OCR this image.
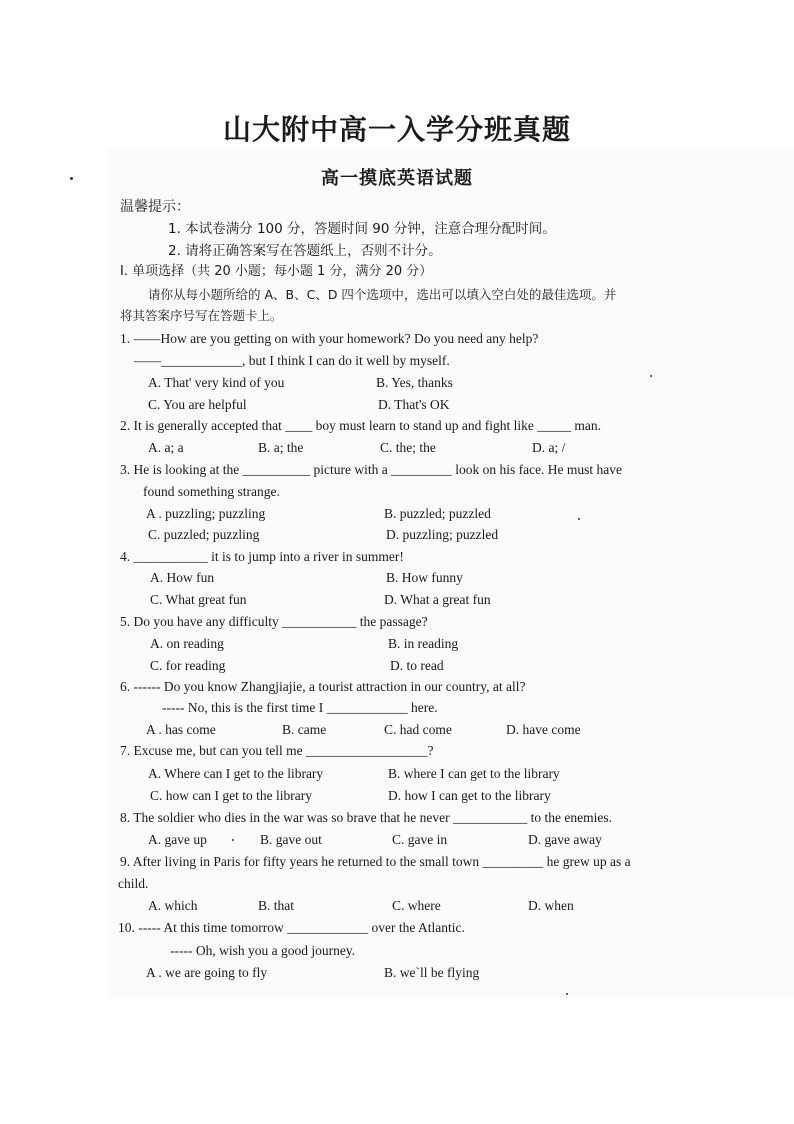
山大附中高一入学分班真题
高一摸底英语试题
温馨提示：
1. 本试卷满分 100 分，答题时间 90 分钟，注意合理分配时间。
2. 请将正确答案写在答题纸上，否则不计分。
I. 单项选择（共 20 小题；每小题 1 分，满分 20 分）
请你从每小题所给的 A、B、C、D 四个选项中，选出可以填入空白处的最佳选项。并
将其答案序号写在答题卡上。
1. ——How are you getting on with your homework? Do you need any help?
——____________, but I think I can do it well by myself.
A. That' very kind of you	B. Yes, thanks
C. You are helpful	D. That's OK
2. It is generally accepted that ____ boy must learn to stand up and fight like _____ man.
A. a; a	B. a; the	C. the; the	D. a; /
3. He is looking at the __________ picture with a _________ look on his face. He must have
found something strange.
A . puzzling; puzzling	B. puzzled; puzzled
C. puzzled; puzzling	D. puzzling; puzzled
4. ___________ it is to jump into a river in summer!
A. How fun	B. How funny
C. What great fun	D. What a great fun
5. Do you have any difficulty ___________ the passage?
A. on reading	B. in reading
C. for reading	D. to read
6. ------ Do you know Zhangjiajie, a tourist attraction in our country, at all?
----- No, this is the first time I ____________ here.
A . has come	B. came	C. had come	D. have come
7. Excuse me, but can you tell me __________________?
A. Where can I get to the library	B. where I can get to the library
C. how can I get to the library	D. how I can get to the library
8. The soldier who dies in the war was so brave that he never ___________ to the enemies.
A. gave up	B. gave out	C. gave in	D. gave away
9. After living in Paris for fifty years he returned to the small town _________ he grew up as a
child.
A. which	B. that	C. where	D. when
10. ----- At this time tomorrow ____________ over the Atlantic.
----- Oh, wish you a good journey.
A . we are going to fly	B. we`ll be flying
